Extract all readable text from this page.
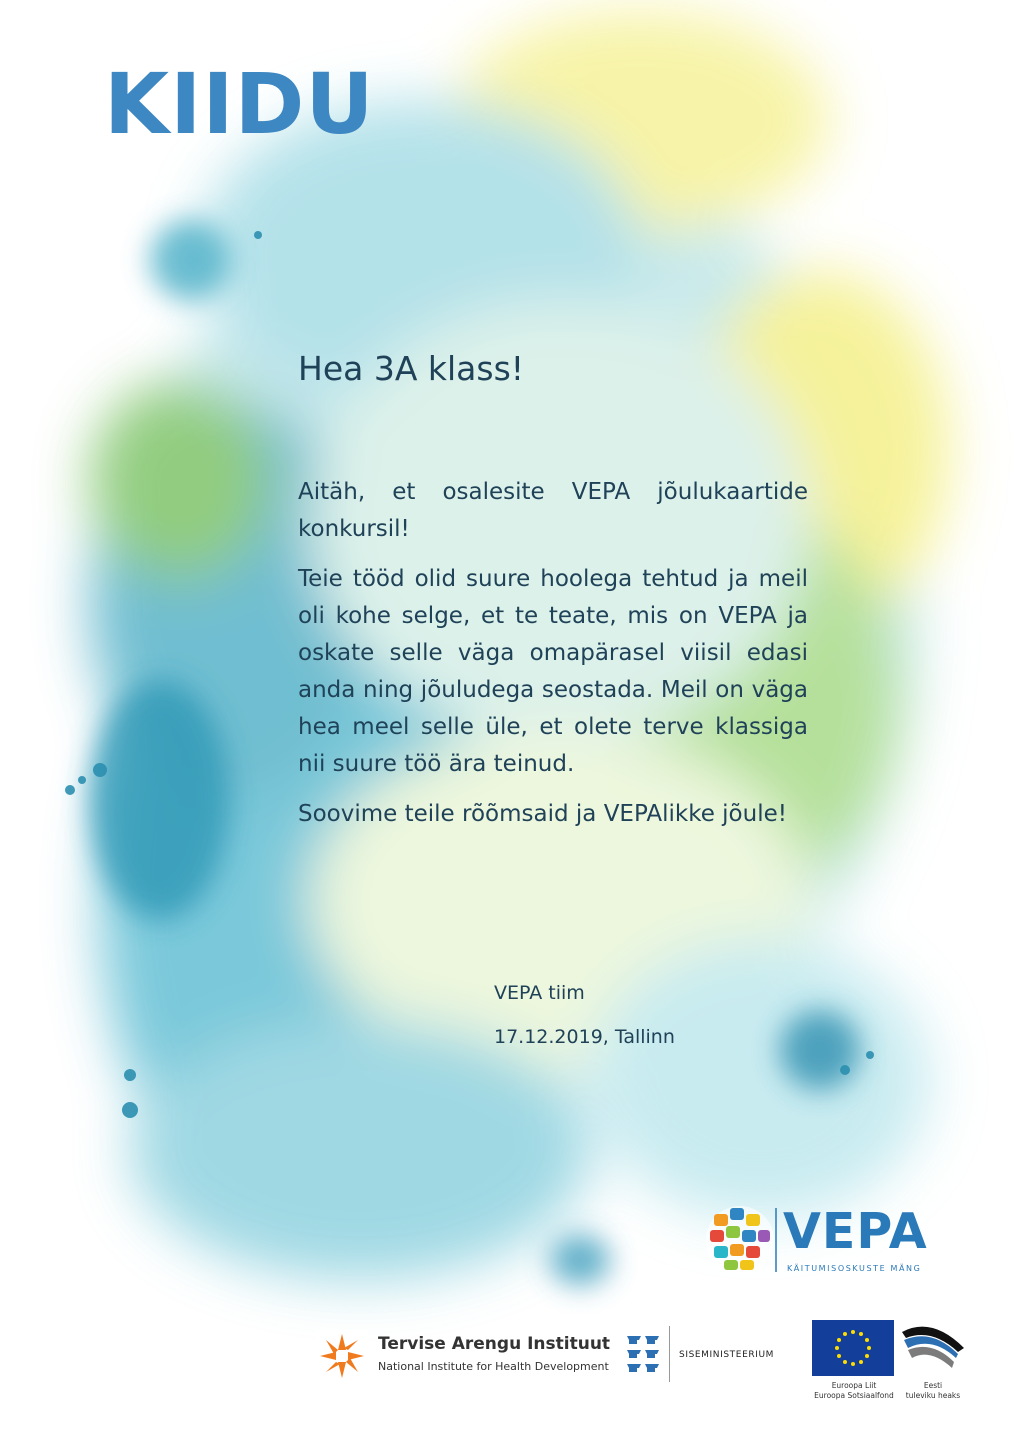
KIIDU
Hea 3A klass!

Aitäh, et osalesite VEPA jõulukaartide konkursil!

Teie tööd olid suure hoolega tehtud ja meil oli kohe selge, et te teate, mis on VEPA ja oskate selle väga omapärasel viisil edasi anda ning jõuludega seostada. Meil on väga hea meel selle üle, et olete terve klassiga nii suure töö ära teinud.

Soovime teile rõõmsaid ja VEPAlikke jõule!

VEPA tiim
17.12.2019, Tallinn
VEPA
KÄITUMISOSKUSTE MÄNG
Tervise Arengu Instituut
National Institute for Health Development
SISEMINISTEERIUM
Euroopa Liit
Euroopa Sotsiaalfond
Eesti
tuleviku heaks
